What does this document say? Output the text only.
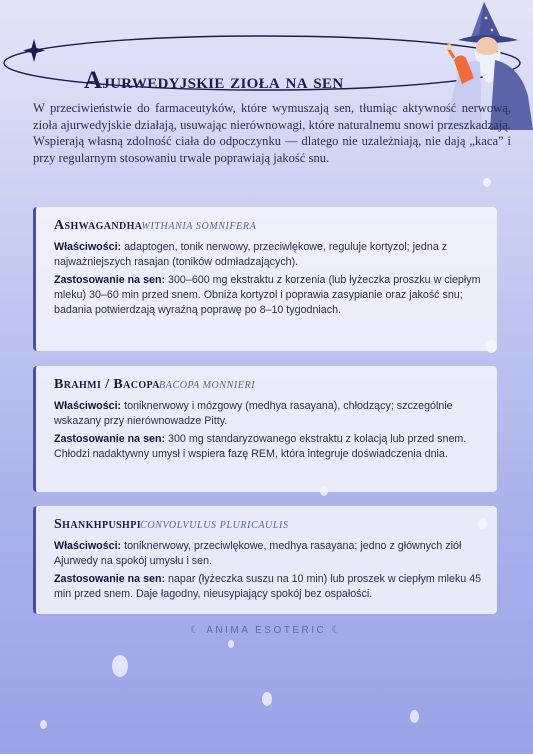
Ajurwedyjskie zioła na sen

W przeciwieństwie do farmaceutyków, które wymuszają sen, tłumiąc aktywność nerwową, zioła ajurwedyjskie działają, usuwając nierównowagi, które naturalnemu snowi przeszkadzają. Wspierają własną zdolność ciała do odpoczynku — dlatego nie uzależniają, nie dają „kaca” i przy regularnym stosowaniu trwale poprawiają jakość snu.

Ashwagandha WITHANIA SOMNIFERA

Właściwości: adaptogen, tonik nerwowy, przeciwlękowe, reguluje kortyzol; jedna z najważniejszych rasajan (toników odmładzających).

Zastosowanie na sen: 300–600 mg ekstraktu z korzenia (lub łyżeczka proszku w ciepłym mleku) 30–60 min przed snem. Obniża kortyzol i poprawia zasypianie oraz jakość snu; badania potwierdzają wyraźną poprawę po 8–10 tygodniach.

Brahmi / Bacopa BACOPA MONNIERI

Właściwości: toniknerwowy i mózgowy (medhya rasayana), chłodzący; szczególnie wskazany przy nierównowadze Pitty.

Zastosowanie na sen: 300 mg standaryzowanego ekstraktu z kolacją lub przed snem. Chłodzi nadaktywny umysł i wspiera fazę REM, która integruje doświadczenia dnia.

Shankhpushpi CONVOLVULUS PLURICAULIS

Właściwości: toniknerwowy, przeciwlękowe, medhya rasayana; jedno z głównych ziół Ajurwedy na spokój umysłu i sen.

Zastosowanie na sen: napar (łyżeczka suszu na 10 min) lub proszek w ciepłym mleku 45 min przed snem. Daje łagodny, nieusypiający spokój bez ospałości.

☾ ANIMA ESOTERIC ☾
